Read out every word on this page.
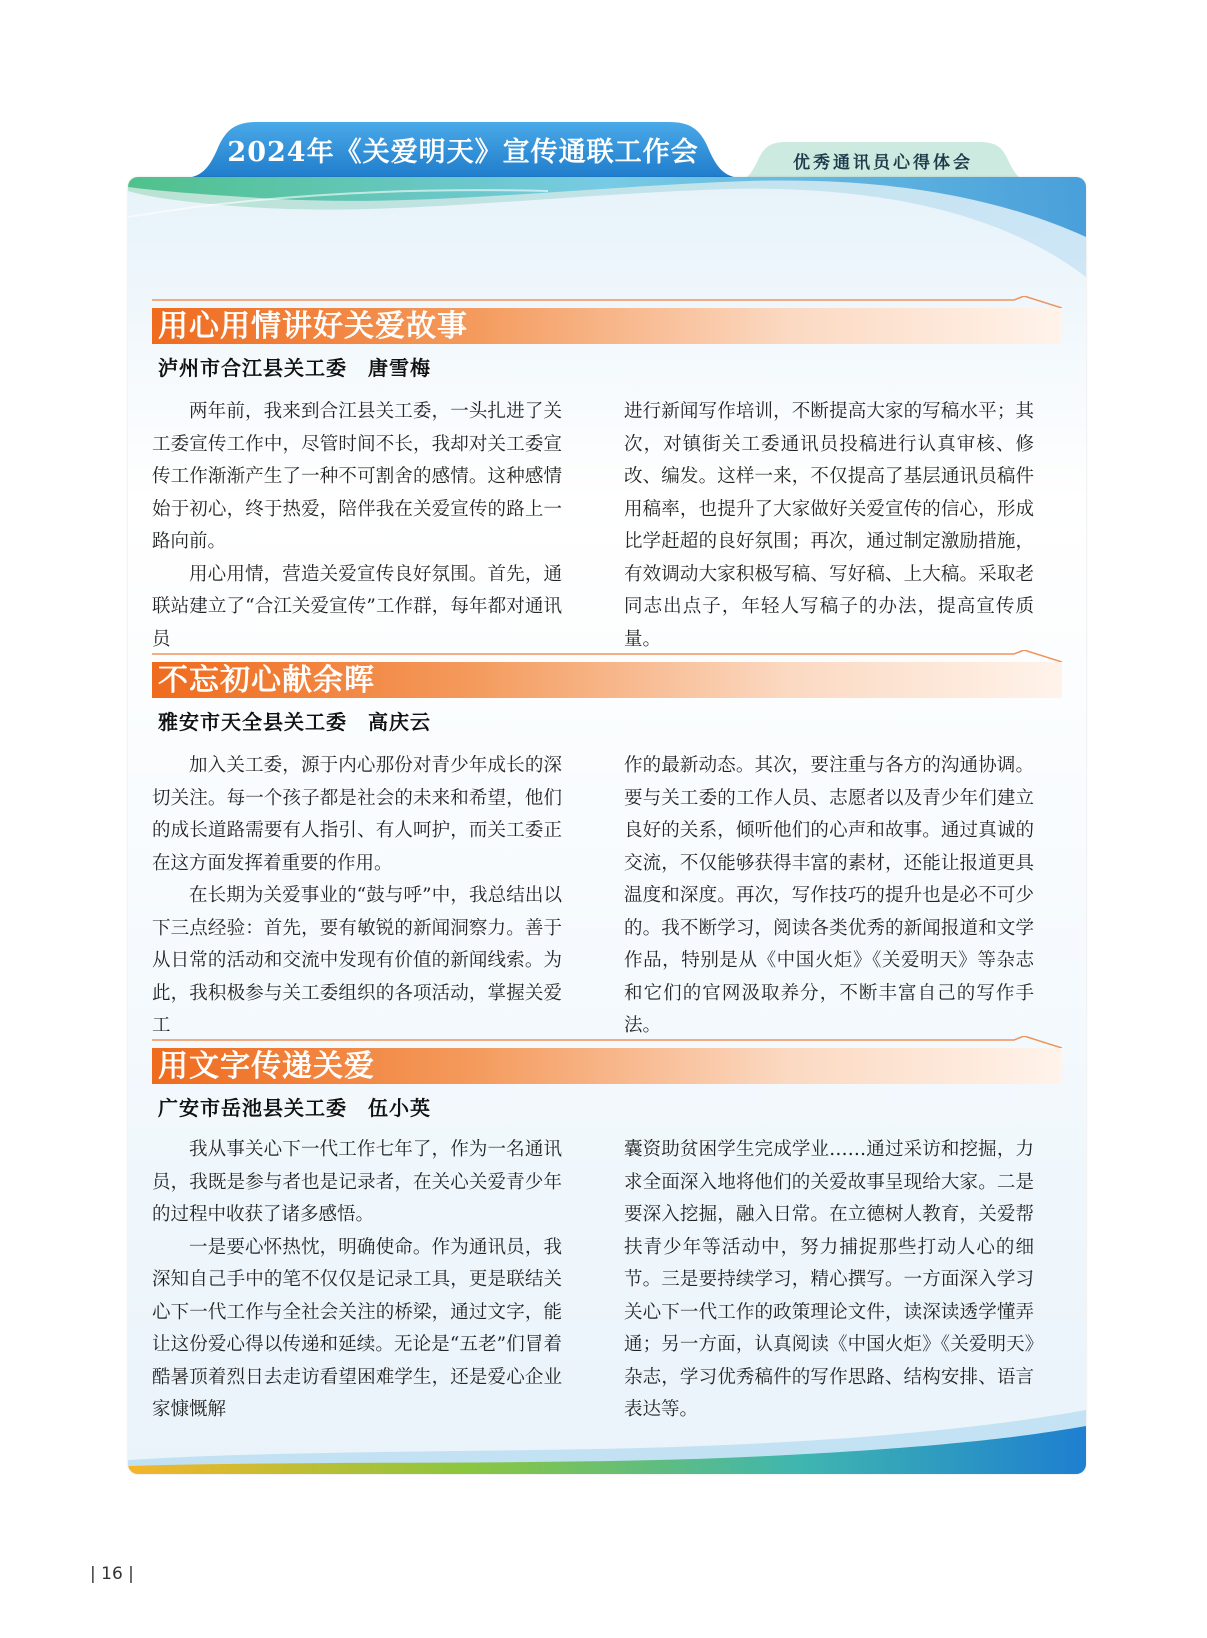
2024年《关爱明天》宣传通联工作会	优秀通讯员心得体会
用心用情讲好关爱故事
泸州市合江县关工委　唐雪梅

两年前，我来到合江县关工委，一头扎进了关工委宣传工作中，尽管时间不长，我却对关工委宣传工作渐渐产生了一种不可割舍的感情。这种感情始于初心，终于热爱，陪伴我在关爱宣传的路上一路向前。

用心用情，营造关爱宣传良好氛围。首先，通联站建立了“合江关爱宣传”工作群，每年都对通讯员

进行新闻写作培训，不断提高大家的写稿水平；其次，对镇街关工委通讯员投稿进行认真审核、修改、编发。这样一来，不仅提高了基层通讯员稿件用稿率，也提升了大家做好关爱宣传的信心，形成比学赶超的良好氛围；再次，通过制定激励措施，有效调动大家积极写稿、写好稿、上大稿。采取老同志出点子，年轻人写稿子的办法，提高宣传质量。

不忘初心献余晖
雅安市天全县关工委　高庆云

加入关工委，源于内心那份对青少年成长的深切关注。每一个孩子都是社会的未来和希望，他们的成长道路需要有人指引、有人呵护，而关工委正在这方面发挥着重要的作用。

在长期为关爱事业的“鼓与呼”中，我总结出以下三点经验：首先，要有敏锐的新闻洞察力。善于从日常的活动和交流中发现有价值的新闻线索。为此，我积极参与关工委组织的各项活动，掌握关爱工

作的最新动态。其次，要注重与各方的沟通协调。要与关工委的工作人员、志愿者以及青少年们建立良好的关系，倾听他们的心声和故事。通过真诚的交流，不仅能够获得丰富的素材，还能让报道更具温度和深度。再次，写作技巧的提升也是必不可少的。我不断学习，阅读各类优秀的新闻报道和文学作品，特别是从《中国火炬》《关爱明天》等杂志和它们的官网汲取养分，不断丰富自己的写作手法。

用文字传递关爱
广安市岳池县关工委　伍小英

我从事关心下一代工作七年了，作为一名通讯员，我既是参与者也是记录者，在关心关爱青少年的过程中收获了诸多感悟。

一是要心怀热忱，明确使命。作为通讯员，我深知自己手中的笔不仅仅是记录工具，更是联结关心下一代工作与全社会关注的桥梁，通过文字，能让这份爱心得以传递和延续。无论是“五老”们冒着酷暑顶着烈日去走访看望困难学生，还是爱心企业家慷慨解

囊资助贫困学生完成学业……通过采访和挖掘，力求全面深入地将他们的关爱故事呈现给大家。二是要深入挖掘，融入日常。在立德树人教育，关爱帮扶青少年等活动中，努力捕捉那些打动人心的细节。三是要持续学习，精心撰写。一方面深入学习关心下一代工作的政策理论文件，读深读透学懂弄通；另一方面，认真阅读《中国火炬》《关爱明天》杂志，学习优秀稿件的写作思路、结构安排、语言表达等。

| 16 |
